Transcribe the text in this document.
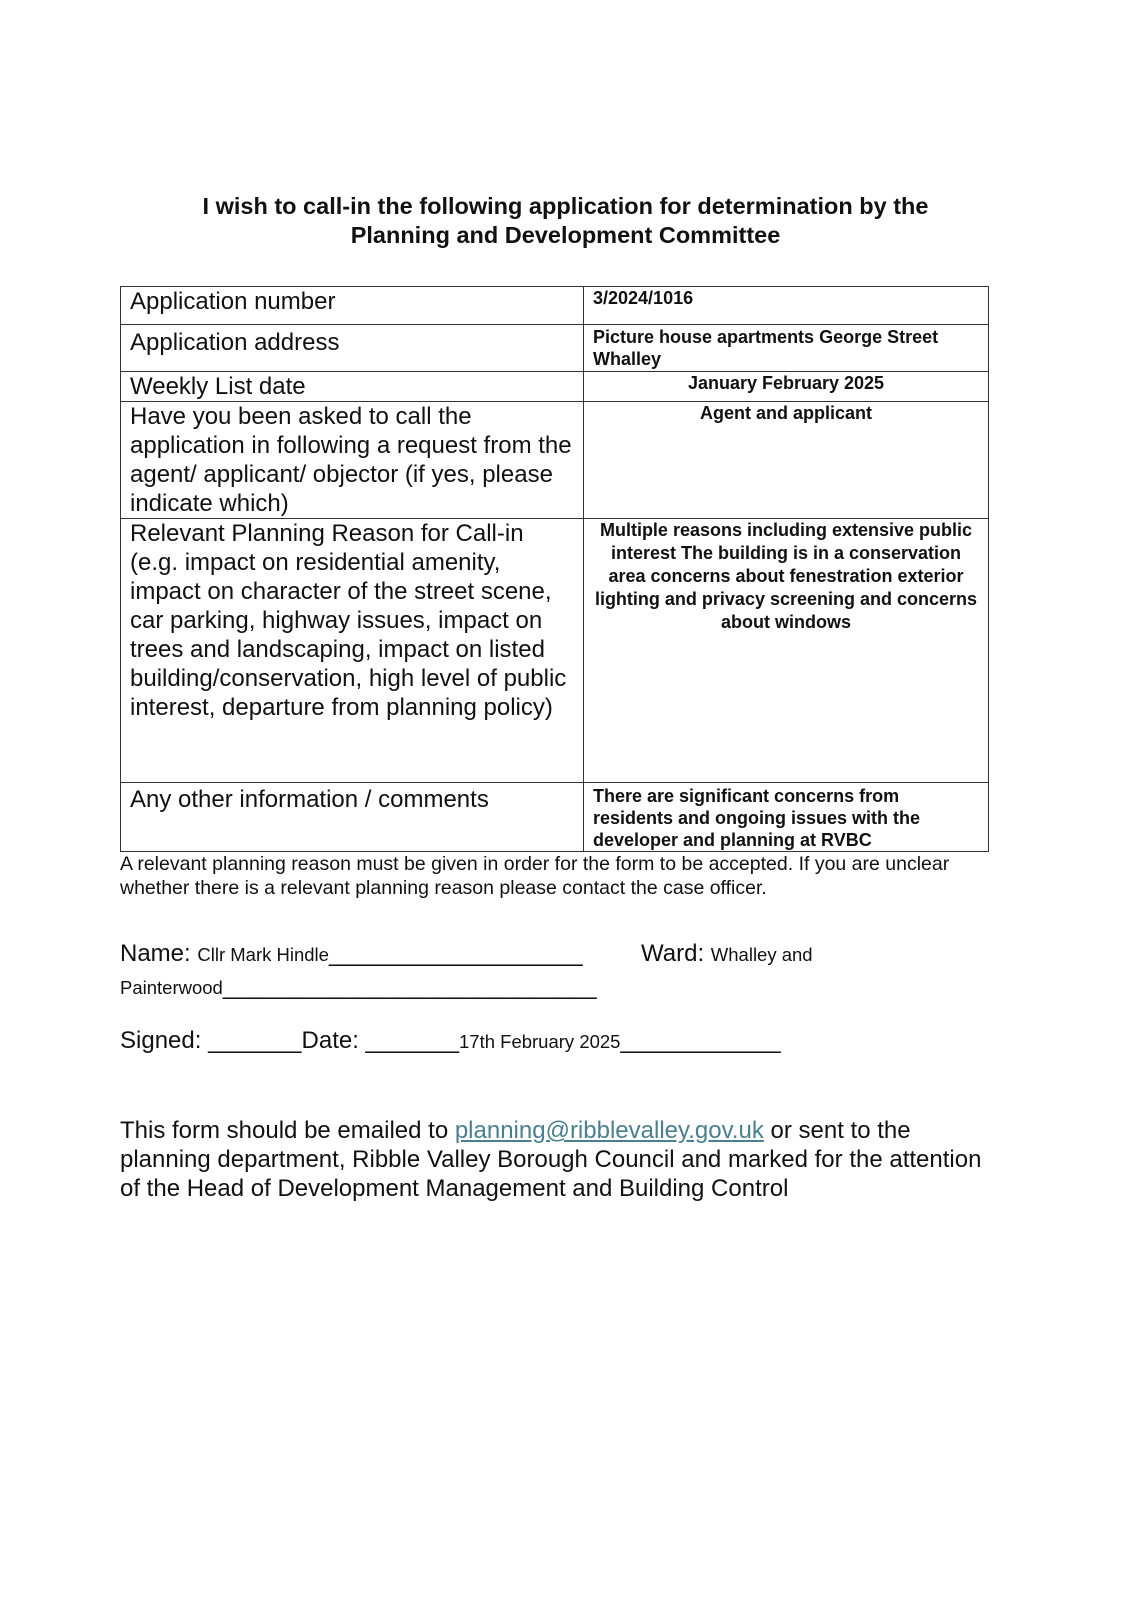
I wish to call-in the following application for determination by the
Planning and Development Committee
Application number	3/2024/1016
Application address	Picture house apartments George Street Whalley
Weekly List date	January February 2025
Have you been asked to call the application in following a request from the agent/ applicant/ objector (if yes, please indicate which)	Agent and applicant
Relevant Planning Reason for Call-in (e.g. impact on residential amenity, impact on character of the street scene, car parking, highway issues, impact on trees and landscaping, impact on listed building/conservation, high level of public interest, departure from planning policy)	Multiple reasons including extensive public interest The building is in a conservation area concerns about fenestration exterior lighting and privacy screening and concerns about windows
Any other information / comments	There are significant concerns from residents and ongoing issues with the developer and planning at RVBC
A relevant planning reason must be given in order for the form to be accepted. If you are unclear whether there is a relevant planning reason please contact the case officer.
Name: Cllr Mark Hindle___________________ Ward: Whalley and
Painterwood____________________________
Signed: _______Date: _______17th February 2025____________
This form should be emailed to planning@ribblevalley.gov.uk or sent to the planning department, Ribble Valley Borough Council and marked for the attention of the Head of Development Management and Building Control
